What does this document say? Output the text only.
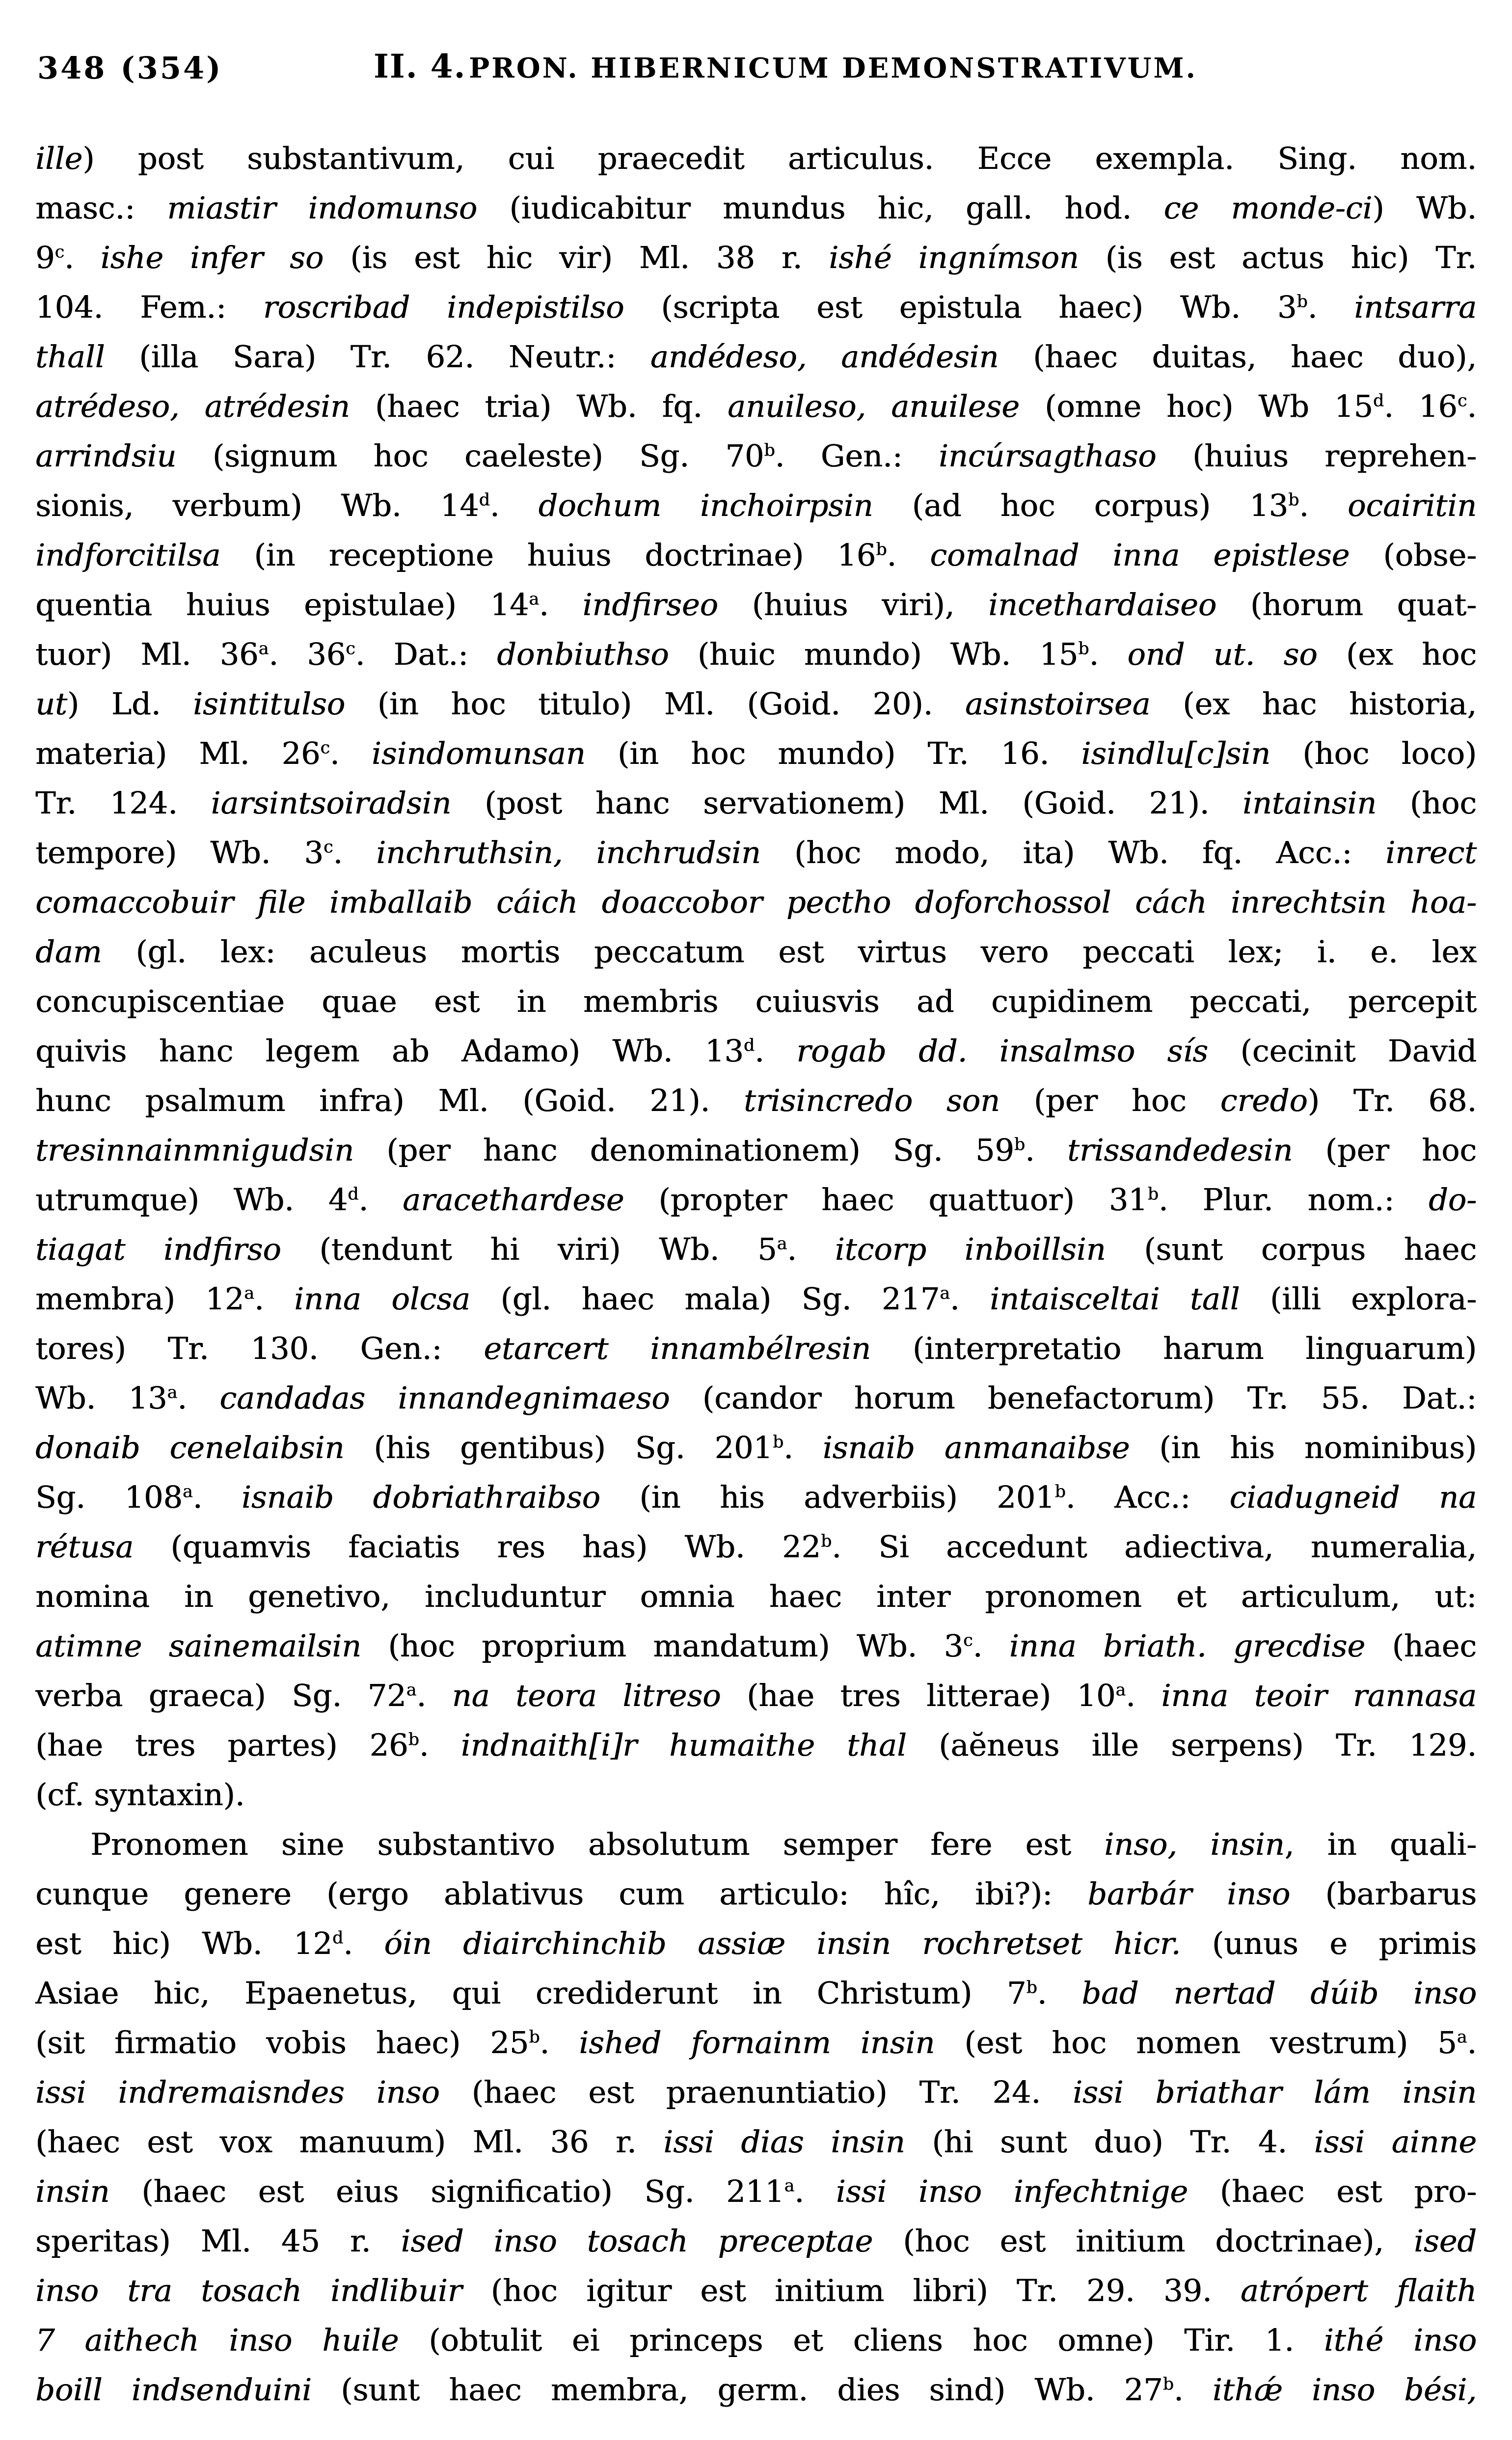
348 (354)	II. 4. PRON. HIBERNICUM DEMONSTRATIVUM.
ille) post substantivum, cui praecedit articulus. Ecce exempla. Sing. nom.
masc.: miastir indomunso (iudicabitur mundus hic, gall. hod. ce monde-ci) Wb.
9$^c$. ishe infer so (is est hic vir) Ml. 38 r. ishé ingnímson (is est actus hic) Tr.
104. Fem.: roscribad indepistilso (scripta est epistula haec) Wb. 3$^b$. intsarra
thall (illa Sara) Tr. 62. Neutr.: andédeso, andédesin (haec duitas, haec duo),
atrédeso, atrédesin (haec tria) Wb. fq. anuileso, anuilese (omne hoc) Wb 15$^d$. 16$^c$.
arrindsiu (signum hoc caeleste) Sg. 70$^b$. Gen.: incúrsagthaso (huius reprehen-
sionis, verbum) Wb. 14$^d$. dochum inchoirpsin (ad hoc corpus) 13$^b$. ocairitin
indforcitilsa (in receptione huius doctrinae) 16$^b$. comalnad inna epistlese (obse-
quentia huius epistulae) 14$^a$. indfirseo (huius viri), incethardaiseo (horum quat-
tuor) Ml. 36$^a$. 36$^c$. Dat.: donbiuthso (huic mundo) Wb. 15$^b$. ond ut. so (ex hoc
ut) Ld. isintitulso (in hoc titulo) Ml. (Goid. 20). asinstoirsea (ex hac historia,
materia) Ml. 26$^c$. isindomunsan (in hoc mundo) Tr. 16. isindlu[c]sin (hoc loco)
Tr. 124. iarsintsoiradsin (post hanc servationem) Ml. (Goid. 21). intainsin (hoc
tempore) Wb. 3$^c$. inchruthsin, inchrudsin (hoc modo, ita) Wb. fq. Acc.: inrect
comaccobuir file imballaib cáich doaccobor pectho doforchossol cách inrechtsin hoa-
dam (gl. lex: aculeus mortis peccatum est virtus vero peccati lex; i. e. lex
concupiscentiae quae est in membris cuiusvis ad cupidinem peccati, percepit
quivis hanc legem ab Adamo) Wb. 13$^d$. rogab dd. insalmso sís (cecinit David
hunc psalmum infra) Ml. (Goid. 21). trisincredo son (per hoc credo) Tr. 68.
tresinnainmnigudsin (per hanc denominationem) Sg. 59$^b$. trissandedesin (per hoc
utrumque) Wb. 4$^d$. aracethardese (propter haec quattuor) 31$^b$. Plur. nom.: do-
tiagat indfirso (tendunt hi viri) Wb. 5$^a$. itcorp inboillsin (sunt corpus haec
membra) 12$^a$. inna olcsa (gl. haec mala) Sg. 217$^a$. intaisceltai tall (illi explora-
tores) Tr. 130. Gen.: etarcert innambélresin (interpretatio harum linguarum)
Wb. 13$^a$. candadas innandegnimaeso (candor horum benefactorum) Tr. 55. Dat.:
donaib cenelaibsin (his gentibus) Sg. 201$^b$. isnaib anmanaibse (in his nominibus)
Sg. 108$^a$. isnaib dobriathraibso (in his adverbiis) 201$^b$. Acc.: ciadugneid na
rétusa (quamvis faciatis res has) Wb. 22$^b$. Si accedunt adiectiva, numeralia,
nomina in genetivo, includuntur omnia haec inter pronomen et articulum, ut:
atimne sainemailsin (hoc proprium mandatum) Wb. 3$^c$. inna briath. grecdise (haec
verba graeca) Sg. 72$^a$. na teora litreso (hae tres litterae) 10$^a$. inna teoir rannasa
(hae tres partes) 26$^b$. indnaith[i]r humaithe thal (aĕneus ille serpens) Tr. 129.
(cf. syntaxin).
Pronomen sine substantivo absolutum semper fere est inso, insin, in quali-
cunque genere (ergo ablativus cum articulo: hîc, ibi?): barbár inso (barbarus
est hic) Wb. 12$^d$. óin diairchinchib assiæ insin rochretset hicr. (unus e primis
Asiae hic, Epaenetus, qui crediderunt in Christum) 7$^b$. bad nertad dúib inso
(sit firmatio vobis haec) 25$^b$. ished fornainm insin (est hoc nomen vestrum) 5$^a$.
issi indremaisndes inso (haec est praenuntiatio) Tr. 24. issi briathar lám insin
(haec est vox manuum) Ml. 36 r. issi dias insin (hi sunt duo) Tr. 4. issi ainne
insin (haec est eius significatio) Sg. 211$^a$. issi inso infechtnige (haec est pro-
speritas) Ml. 45 r. ised inso tosach preceptae (hoc est initium doctrinae), ised
inso tra tosach indlibuir (hoc igitur est initium libri) Tr. 29. 39. atrópert flaith
7 aithech inso huile (obtulit ei princeps et cliens hoc omne) Tir. 1. ithé inso
boill indsenduini (sunt haec membra, germ. dies sind) Wb. 27$^b$. ithǽ inso bési,
